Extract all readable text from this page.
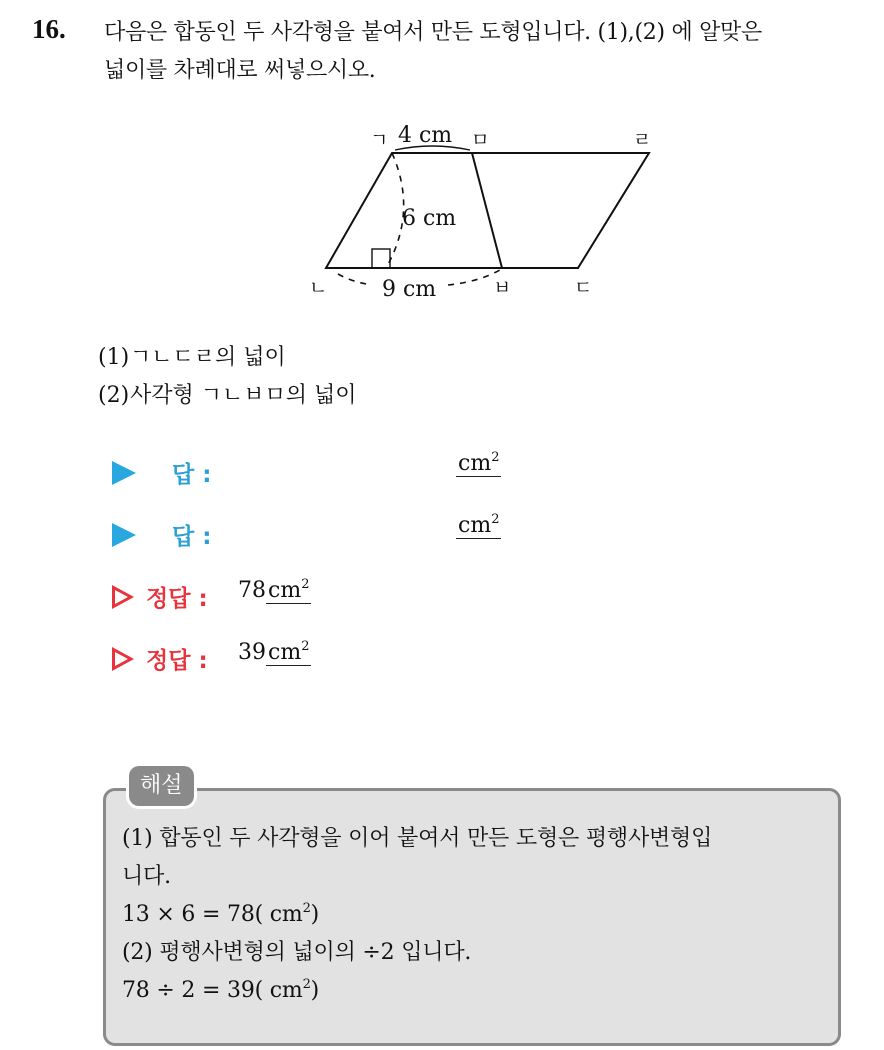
16. 다음은 합동인 두 사각형을 붙여서 만든 도형입니다. (1),(2) 에 알맞은
넓이를 차례대로 써넣으시오.
ㄱ	ㅁ	ㄹ
ㄴ	ㅂ	ㄷ
4 cm
6 cm
9 cm
(1)ㄱㄴㄷㄹ의 넓이
(2)사각형 ㄱㄴㅂㅁ의 넓이
답 :	$cm^2$
답 :	$cm^2$
정답 : $78cm^2$
정답 : $39cm^2$
해설
(1) 합동인 두 사각형을 이어 붙여서 만든 도형은 평행사변형입
니다.
13 × 6 = 78( $cm^2$)
(2) 평행사변형의 넓이의 ÷2 입니다.
78 ÷ 2 = 39( $cm^2$)
